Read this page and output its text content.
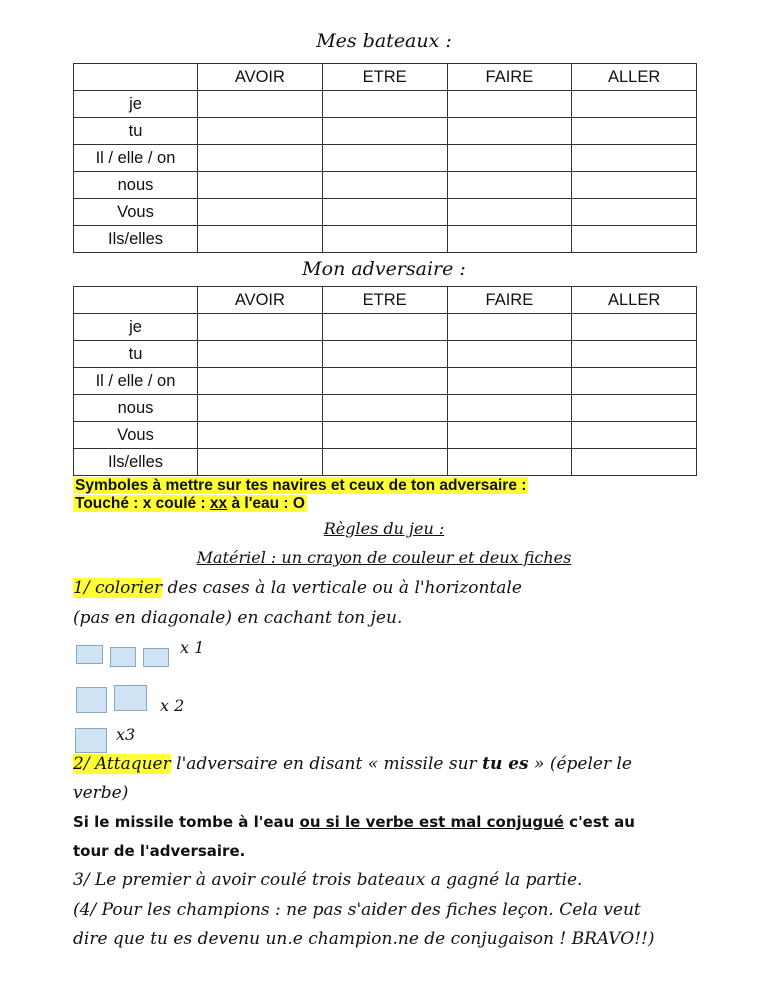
Mes bateaux :
	AVOIR	ETRE	FAIRE	ALLER
je				
tu				
Il / elle / on				
nous				
Vous				
Ils/elles				
Mon adversaire :
	AVOIR	ETRE	FAIRE	ALLER
je				
tu				
Il / elle / on				
nous				
Vous				
Ils/elles				
Symboles à mettre sur tes navires et ceux de ton adversaire :
Touché : x coulé : xx à l'eau : O
Règles du jeu :
Matériel : un crayon de couleur et deux fiches
1/ colorier des cases à la verticale ou à l'horizontale
(pas en diagonale) en cachant ton jeu.
x 1
x 2
x3
2/ Attaquer l'adversaire en disant « missile sur tu es » (épeler le
verbe)
Si le missile tombe à l'eau ou si le verbe est mal conjugué c'est au
tour de l'adversaire.
3/ Le premier à avoir coulé trois bateaux a gagné la partie.
(4/ Pour les champions : ne pas s'aider des fiches leçon. Cela veut
dire que tu es devenu un.e champion.ne de conjugaison ! BRAVO!!)
